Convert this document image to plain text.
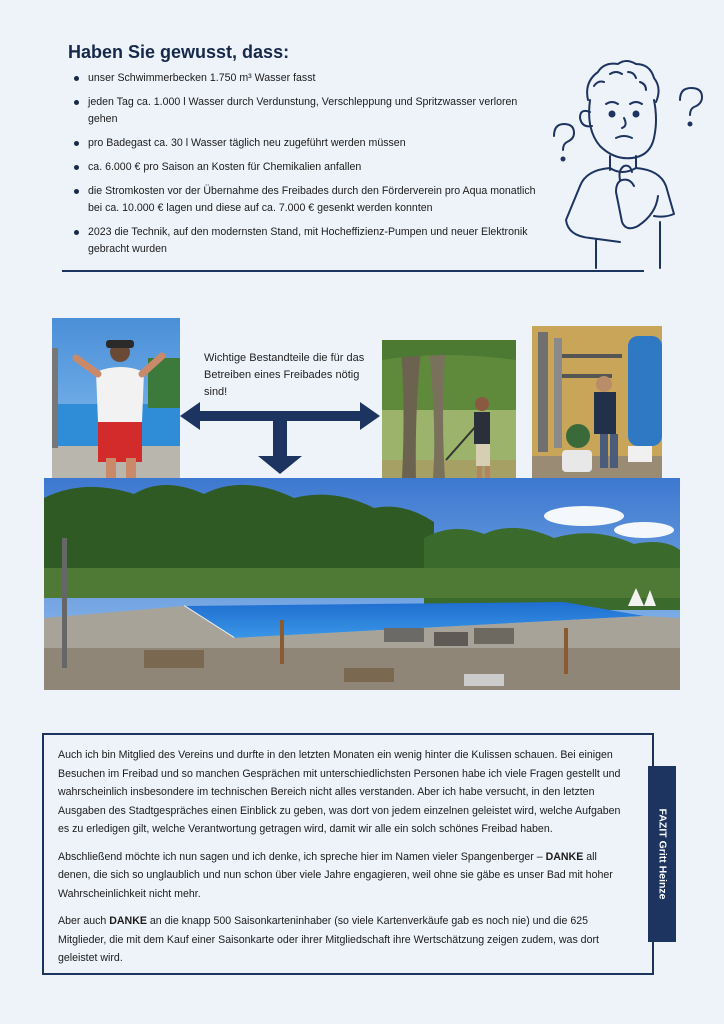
Haben Sie gewusst, dass:
unser Schwimmerbecken 1.750 m³ Wasser fasst
jeden Tag ca. 1.000 l Wasser durch Verdunstung, Verschleppung und Spritzwasser verloren gehen
pro Badegast ca. 30 l Wasser täglich neu zugeführt werden müssen
ca. 6.000 € pro Saison an Kosten für Chemikalien anfallen
die Stromkosten vor der Übernahme des Freibades durch den Förderverein pro Aqua monatlich bei ca. 10.000 € lagen und diese auf ca. 7.000 € gesenkt werden konnten
2023 die Technik, auf den modernsten Stand, mit Hocheffizienz-Pumpen und neuer Elektronik gebracht wurden
Wichtige Bestandteile die für das Betreiben eines Freibades nötig sind!

Auch ich bin Mitglied des Vereins und durfte in den letzten Monaten ein wenig hinter die Kulissen schauen. Bei einigen Besuchen im Freibad und so manchen Gesprächen mit unterschiedlichsten Personen habe ich viele Fragen gestellt und wahrscheinlich insbesondere im technischen Bereich nicht alles verstanden. Aber ich habe versucht, in den letzten Ausgaben des Stadtgespräches einen Einblick zu geben, was dort von jedem einzelnen geleistet wird, welche Aufgaben es zu erledigen gilt, welche Verantwortung getragen wird, damit wir alle ein solch schönes Freibad haben.

Abschließend möchte ich nun sagen und ich denke, ich spreche hier im Namen vieler Spangenberger – DANKE all denen, die sich so unglaublich und nun schon über viele Jahre engagieren, weil ohne sie gäbe es unser Bad mit hoher Wahrscheinlichkeit nicht mehr.

Aber auch DANKE an die knapp 500 Saisonkarteninhaber (so viele Kartenverkäufe gab es noch nie) und die 625 Mitglieder, die mit dem Kauf einer Saisonkarte oder ihrer Mitgliedschaft ihre Wertschätzung zeigen zudem, was dort geleistet wird.

FAZIT Gritt Heinze
